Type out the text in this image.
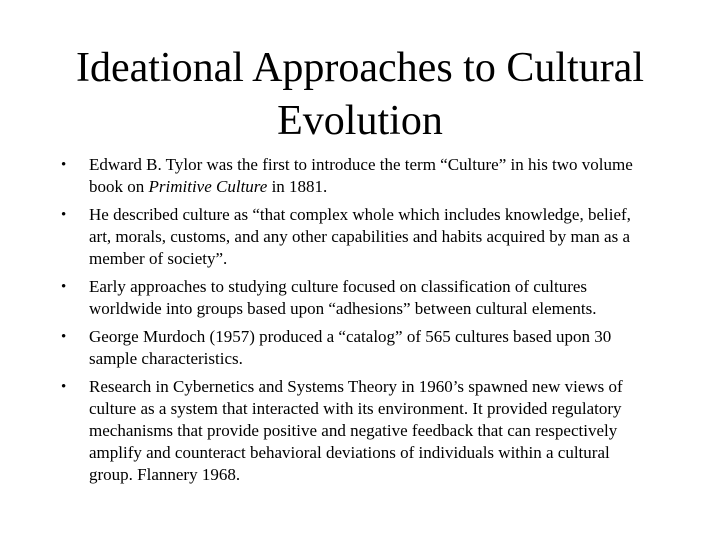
Ideational Approaches to Cultural
Evolution
• Edward B. Tylor was the first to introduce the term “Culture” in his two volume book on Primitive Culture in 1881.
• He described culture as “that complex whole which includes knowledge, belief, art, morals, customs, and any other capabilities and habits acquired by man as a member of society”.
• Early approaches to studying culture focused on classification of cultures worldwide into groups based upon “adhesions” between cultural elements.
• George Murdoch (1957) produced a “catalog” of 565 cultures based upon 30 sample characteristics.
• Research in Cybernetics and Systems Theory in 1960’s spawned new views of culture as a system that interacted with its environment. It provided regulatory mechanisms that provide positive and negative feedback that can respectively amplify and counteract behavioral deviations of individuals within a cultural group. Flannery 1968.
